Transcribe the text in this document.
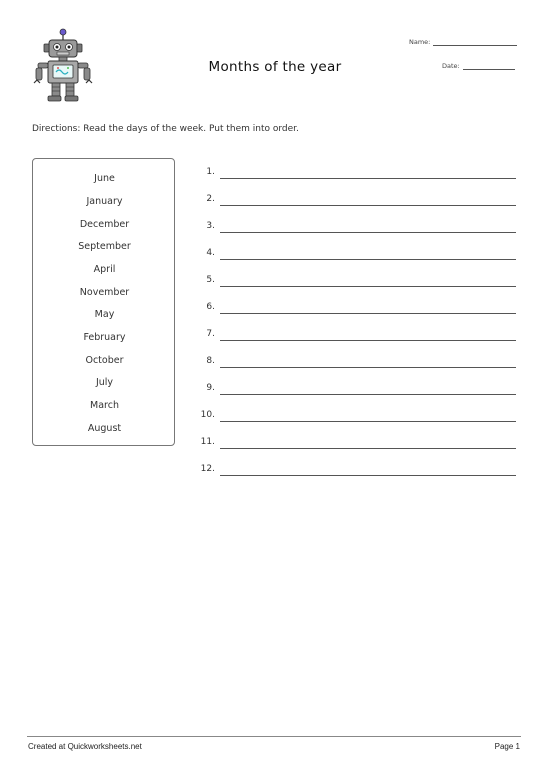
Months of the year
Name:
Date:
Directions: Read the days of the week. Put them into order.
June
January
December
September
April
November
May
February
October
July
March
August
1.
2.
3.
4.
5.
6.
7.
8.
9.
10.
11.
12.
Created at Quickworksheets.net	Page 1
